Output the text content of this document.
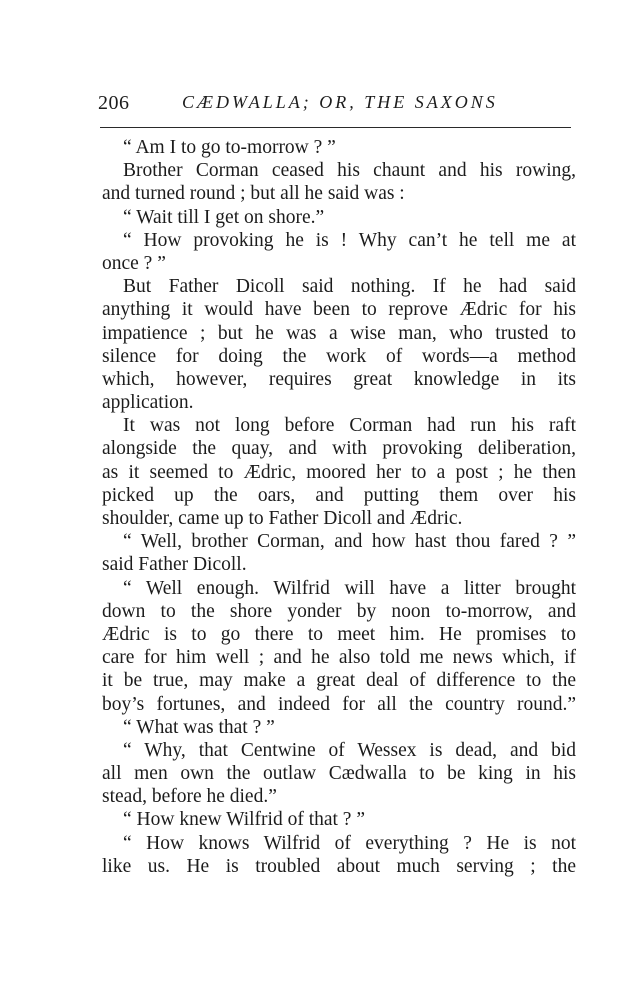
206	CÆDWALLA; OR, THE SAXONS
“ Am I to go to-morrow ? ”
Brother Corman ceased his chaunt and his rowing,
and turned round ; but all he said was :
“ Wait till I get on shore.”
“ How provoking he is ! Why can’t he tell me at
once ? ”
But Father Dicoll said nothing. If he had said
anything it would have been to reprove Ædric for his
impatience ; but he was a wise man, who trusted to
silence for doing the work of words—a method
which, however, requires great knowledge in its
application.
It was not long before Corman had run his raft
alongside the quay, and with provoking deliberation,
as it seemed to Ædric, moored her to a post ; he then
picked up the oars, and putting them over his
shoulder, came up to Father Dicoll and Ædric.
“ Well, brother Corman, and how hast thou fared ? ”
said Father Dicoll.
“ Well enough. Wilfrid will have a litter brought
down to the shore yonder by noon to-morrow, and
Ædric is to go there to meet him. He promises to
care for him well ; and he also told me news which, if
it be true, may make a great deal of difference to the
boy’s fortunes, and indeed for all the country round.”
“ What was that ? ”
“ Why, that Centwine of Wessex is dead, and bid
all men own the outlaw Cædwalla to be king in his
stead, before he died.”
“ How knew Wilfrid of that ? ”
“ How knows Wilfrid of everything ? He is not
like us. He is troubled about much serving ; the
